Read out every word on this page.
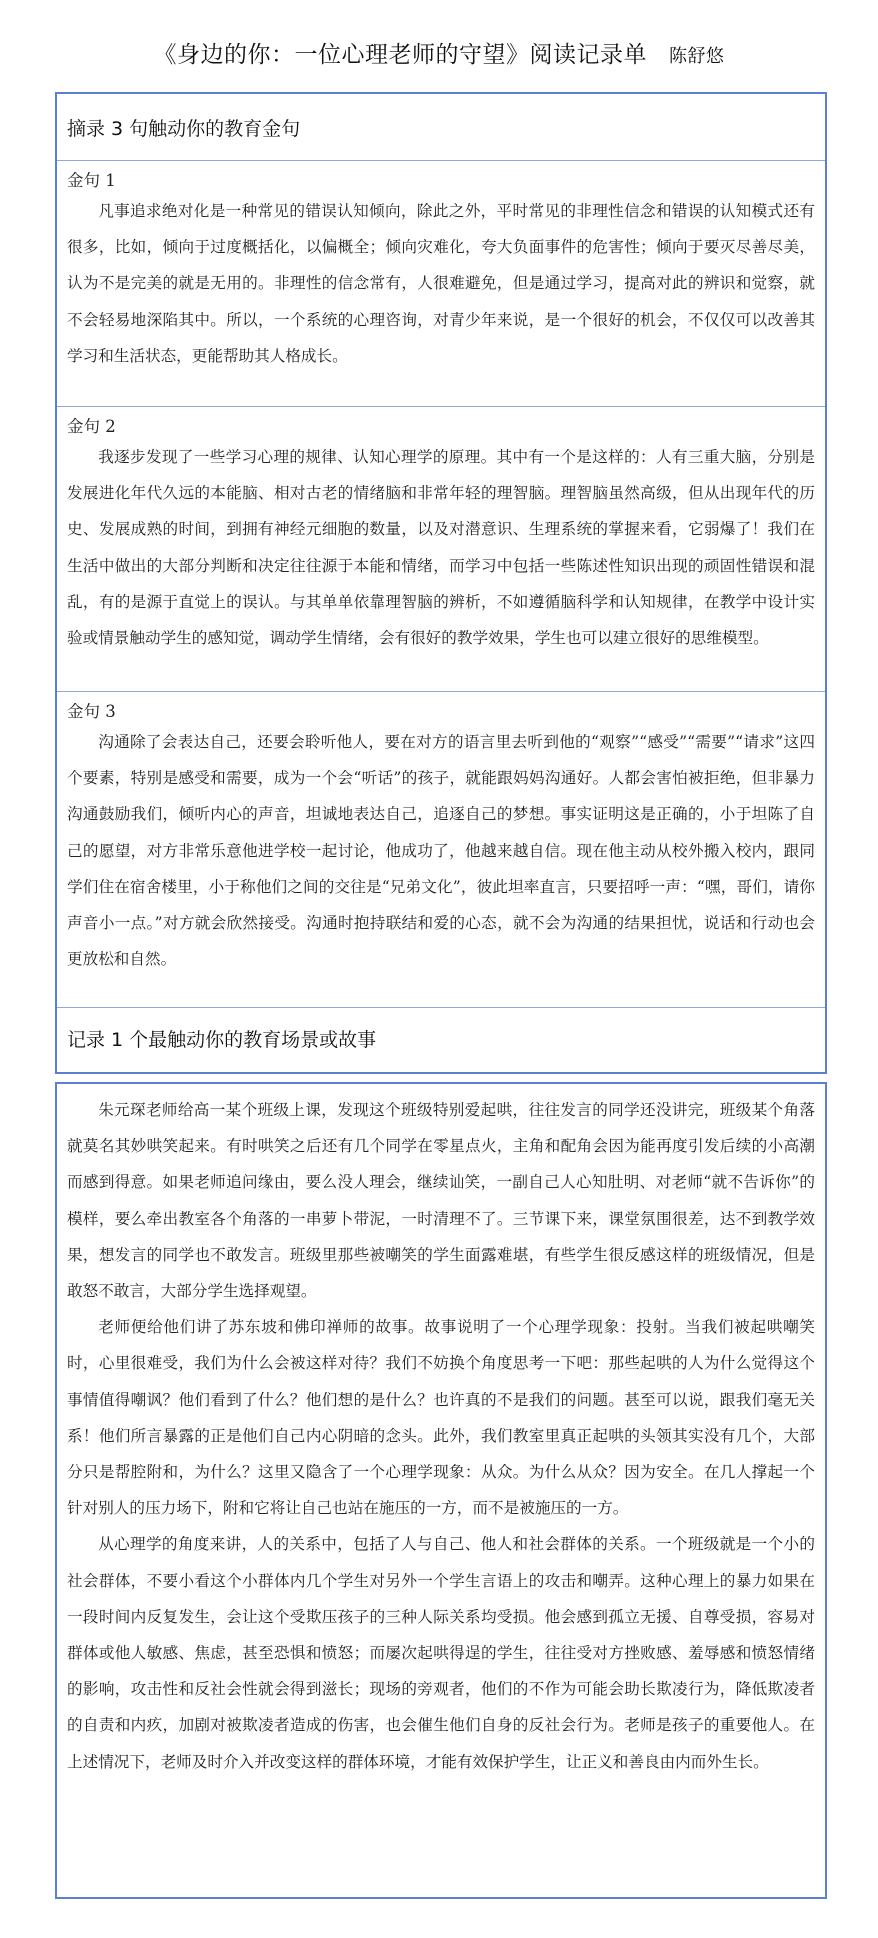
《身边的你：一位心理老师的守望》阅读记录单 陈舒悠
摘录 3 句触动你的教育金句
金句 1

凡事追求绝对化是一种常见的错误认知倾向，除此之外，平时常见的非理性信念和错误的认知模式还有很多，比如，倾向于过度概括化，以偏概全；倾向灾难化，夸大负面事件的危害性；倾向于要灭尽善尽美，认为不是完美的就是无用的。非理性的信念常有，人很难避免，但是通过学习，提高对此的辨识和觉察，就不会轻易地深陷其中。所以，一个系统的心理咨询，对青少年来说，是一个很好的机会，不仅仅可以改善其学习和生活状态，更能帮助其人格成长。

金句 2

我逐步发现了一些学习心理的规律、认知心理学的原理。其中有一个是这样的：人有三重大脑，分别是发展进化年代久远的本能脑、相对古老的情绪脑和非常年轻的理智脑。理智脑虽然高级，但从出现年代的历史、发展成熟的时间，到拥有神经元细胞的数量，以及对潜意识、生理系统的掌握来看，它弱爆了！我们在生活中做出的大部分判断和决定往往源于本能和情绪，而学习中包括一些陈述性知识出现的顽固性错误和混乱，有的是源于直觉上的误认。与其单单依靠理智脑的辨析，不如遵循脑科学和认知规律，在教学中设计实验或情景触动学生的感知觉，调动学生情绪，会有很好的教学效果，学生也可以建立很好的思维模型。

金句 3

沟通除了会表达自己，还要会聆听他人，要在对方的语言里去听到他的“观察”“感受”“需要”“请求”这四个要素，特别是感受和需要，成为一个会“听话”的孩子，就能跟妈妈沟通好。人都会害怕被拒绝，但非暴力沟通鼓励我们，倾听内心的声音，坦诚地表达自己，追逐自己的梦想。事实证明这是正确的，小于坦陈了自己的愿望，对方非常乐意他进学校一起讨论，他成功了，他越来越自信。现在他主动从校外搬入校内，跟同学们住在宿舍楼里，小于称他们之间的交往是“兄弟文化”，彼此坦率直言，只要招呼一声：“嘿，哥们，请你声音小一点。”对方就会欣然接受。沟通时抱持联结和爱的心态，就不会为沟通的结果担忧，说话和行动也会更放松和自然。

记录 1 个最触动你的教育场景或故事

朱元琛老师给高一某个班级上课，发现这个班级特别爱起哄，往往发言的同学还没讲完，班级某个角落就莫名其妙哄笑起来。有时哄笑之后还有几个同学在零星点火，主角和配角会因为能再度引发后续的小高潮而感到得意。如果老师追问缘由，要么没人理会，继续讪笑，一副自己人心知肚明、对老师“就不告诉你”的模样，要么牵出教室各个角落的一串萝卜带泥，一时清理不了。三节课下来，课堂氛围很差，达不到教学效果，想发言的同学也不敢发言。班级里那些被嘲笑的学生面露难堪，有些学生很反感这样的班级情况，但是敢怒不敢言，大部分学生选择观望。

老师便给他们讲了苏东坡和佛印禅师的故事。故事说明了一个心理学现象：投射。当我们被起哄嘲笑时，心里很难受，我们为什么会被这样对待？我们不妨换个角度思考一下吧：那些起哄的人为什么觉得这个事情值得嘲讽？他们看到了什么？他们想的是什么？也许真的不是我们的问题。甚至可以说，跟我们毫无关系！他们所言暴露的正是他们自己内心阴暗的念头。此外，我们教室里真正起哄的头领其实没有几个，大部分只是帮腔附和，为什么？这里又隐含了一个心理学现象：从众。为什么从众？因为安全。在几人撑起一个针对别人的压力场下，附和它将让自己也站在施压的一方，而不是被施压的一方。

从心理学的角度来讲，人的关系中，包括了人与自己、他人和社会群体的关系。一个班级就是一个小的社会群体，不要小看这个小群体内几个学生对另外一个学生言语上的攻击和嘲弄。这种心理上的暴力如果在一段时间内反复发生，会让这个受欺压孩子的三种人际关系均受损。他会感到孤立无援、自尊受损，容易对群体或他人敏感、焦虑，甚至恐惧和愤怒；而屡次起哄得逞的学生，往往受对方挫败感、羞辱感和愤怒情绪的影响，攻击性和反社会性就会得到滋长；现场的旁观者，他们的不作为可能会助长欺凌行为，降低欺凌者的自责和内疚，加剧对被欺凌者造成的伤害，也会催生他们自身的反社会行为。老师是孩子的重要他人。在上述情况下，老师及时介入并改变这样的群体环境，才能有效保护学生，让正义和善良由内而外生长。
